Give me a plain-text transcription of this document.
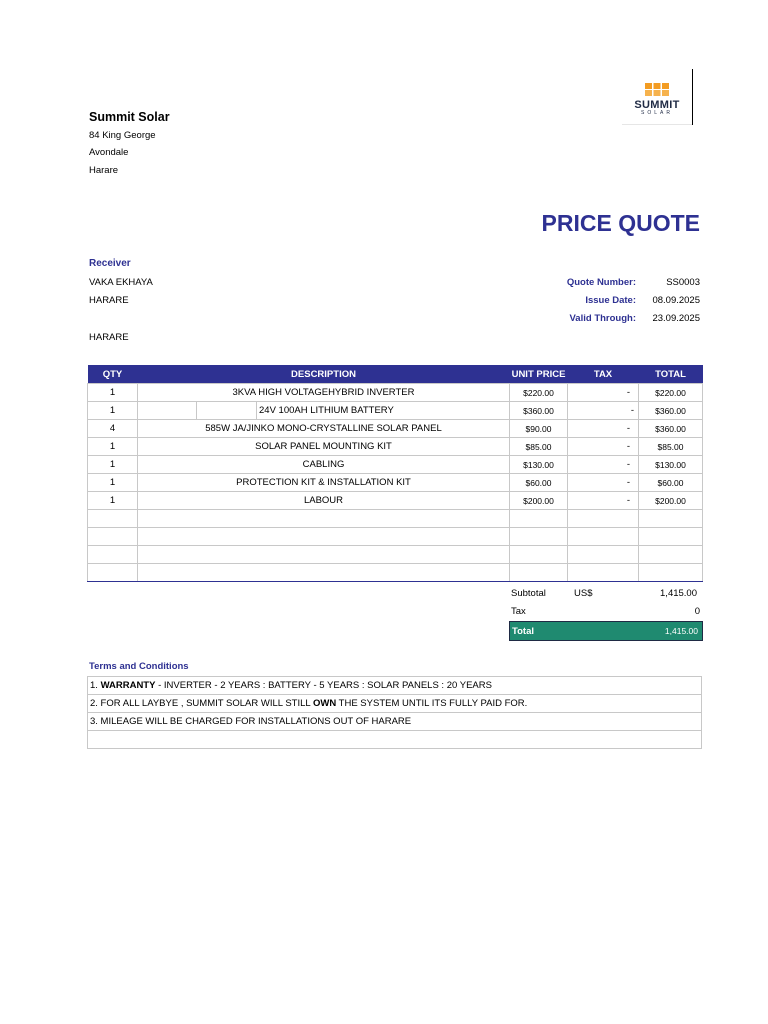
SUMMIT
SOLAR
Summit Solar
84 King George
Avondale
Harare
PRICE QUOTE
Receiver
VAKA EKHAYA
HARARE
HARARE
Quote Number:	SS0003
Issue Date:	08.09.2025
Valid Through:	23.09.2025
QTY	DESCRIPTION	UNIT PRICE	TAX	TOTAL
1	3KVA HIGH VOLTAGEHYBRID INVERTER	$220.00	-	$220.00
1	24V 100AH LITHIUM BATTERY	$360.00	-	$360.00
4	585W JA/JINKO MONO-CRYSTALLINE SOLAR PANEL	$90.00	-	$360.00
1	SOLAR PANEL MOUNTING KIT	$85.00	-	$85.00
1	CABLING	$130.00	-	$130.00
1	PROTECTION KIT & INSTALLATION KIT	$60.00	-	$60.00
1	LABOUR	$200.00	-	$200.00

Subtotal	US$	1,415.00
Tax	0
Total	1,415.00
Terms and Conditions
1. WARRANTY - INVERTER - 2 YEARS : BATTERY - 5 YEARS : SOLAR PANELS : 20 YEARS
2. FOR ALL LAYBYE , SUMMIT SOLAR WILL STILL OWN THE SYSTEM UNTIL ITS FULLY PAID FOR.
3. MILEAGE WILL BE CHARGED FOR INSTALLATIONS OUT OF HARARE
